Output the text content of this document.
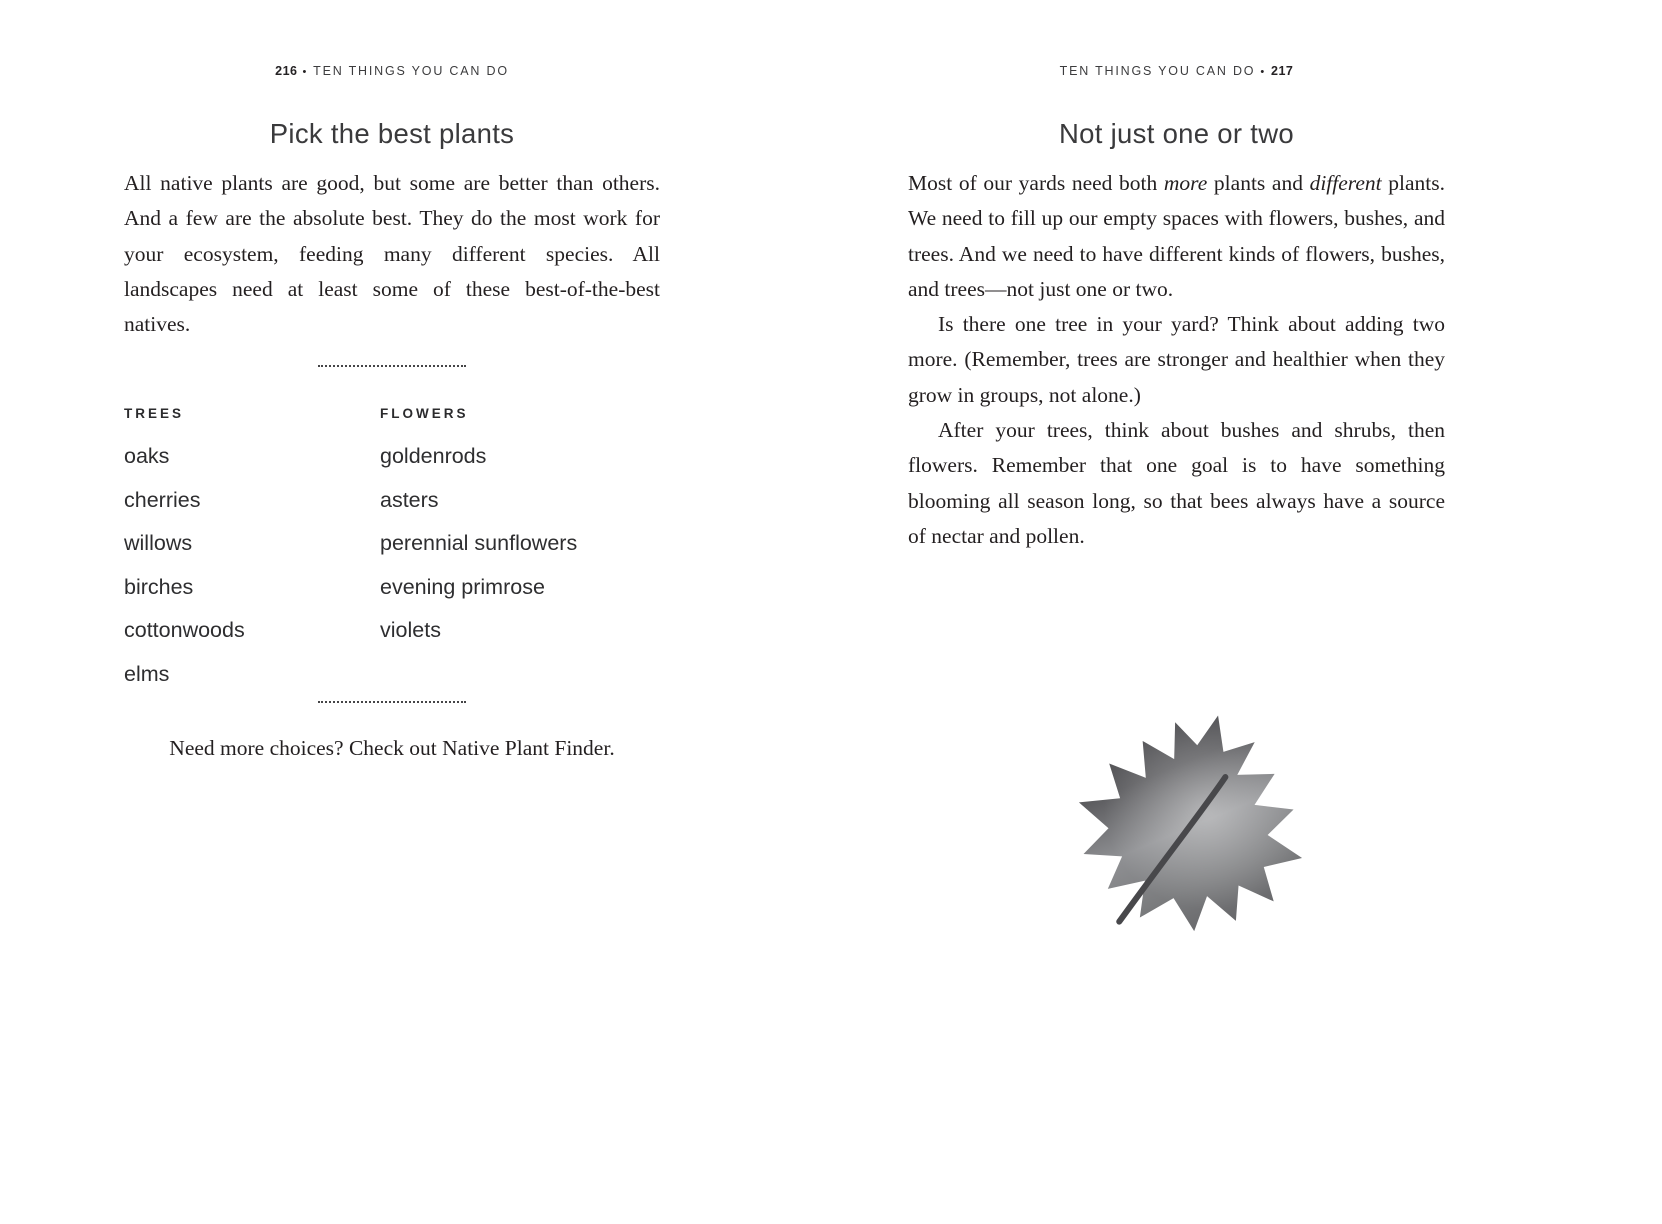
216 • TEN THINGS YOU CAN DO
Pick the best plants

All native plants are good, but some are better than others. And a few are the absolute best. They do the most work for your ecosystem, feeding many different species. All landscapes need at least some of these best-of-the-best natives.

TREES
oaks
cherries
willows
birches
cottonwoods
elms
FLOWERS
goldenrods
asters
perennial sunflowers
evening primrose
violets
Need more choices? Check out Native Plant Finder.
TEN THINGS YOU CAN DO • 217
Not just one or two

Most of our yards need both more plants and different plants. We need to fill up our empty spaces with flowers, bushes, and trees. And we need to have different kinds of flowers, bushes, and trees—not just one or two.

Is there one tree in your yard? Think about adding two more. (Remember, trees are stronger and healthier when they grow in groups, not alone.)

After your trees, think about bushes and shrubs, then flowers. Remember that one goal is to have something blooming all season long, so that bees always have a source of nectar and pollen.
